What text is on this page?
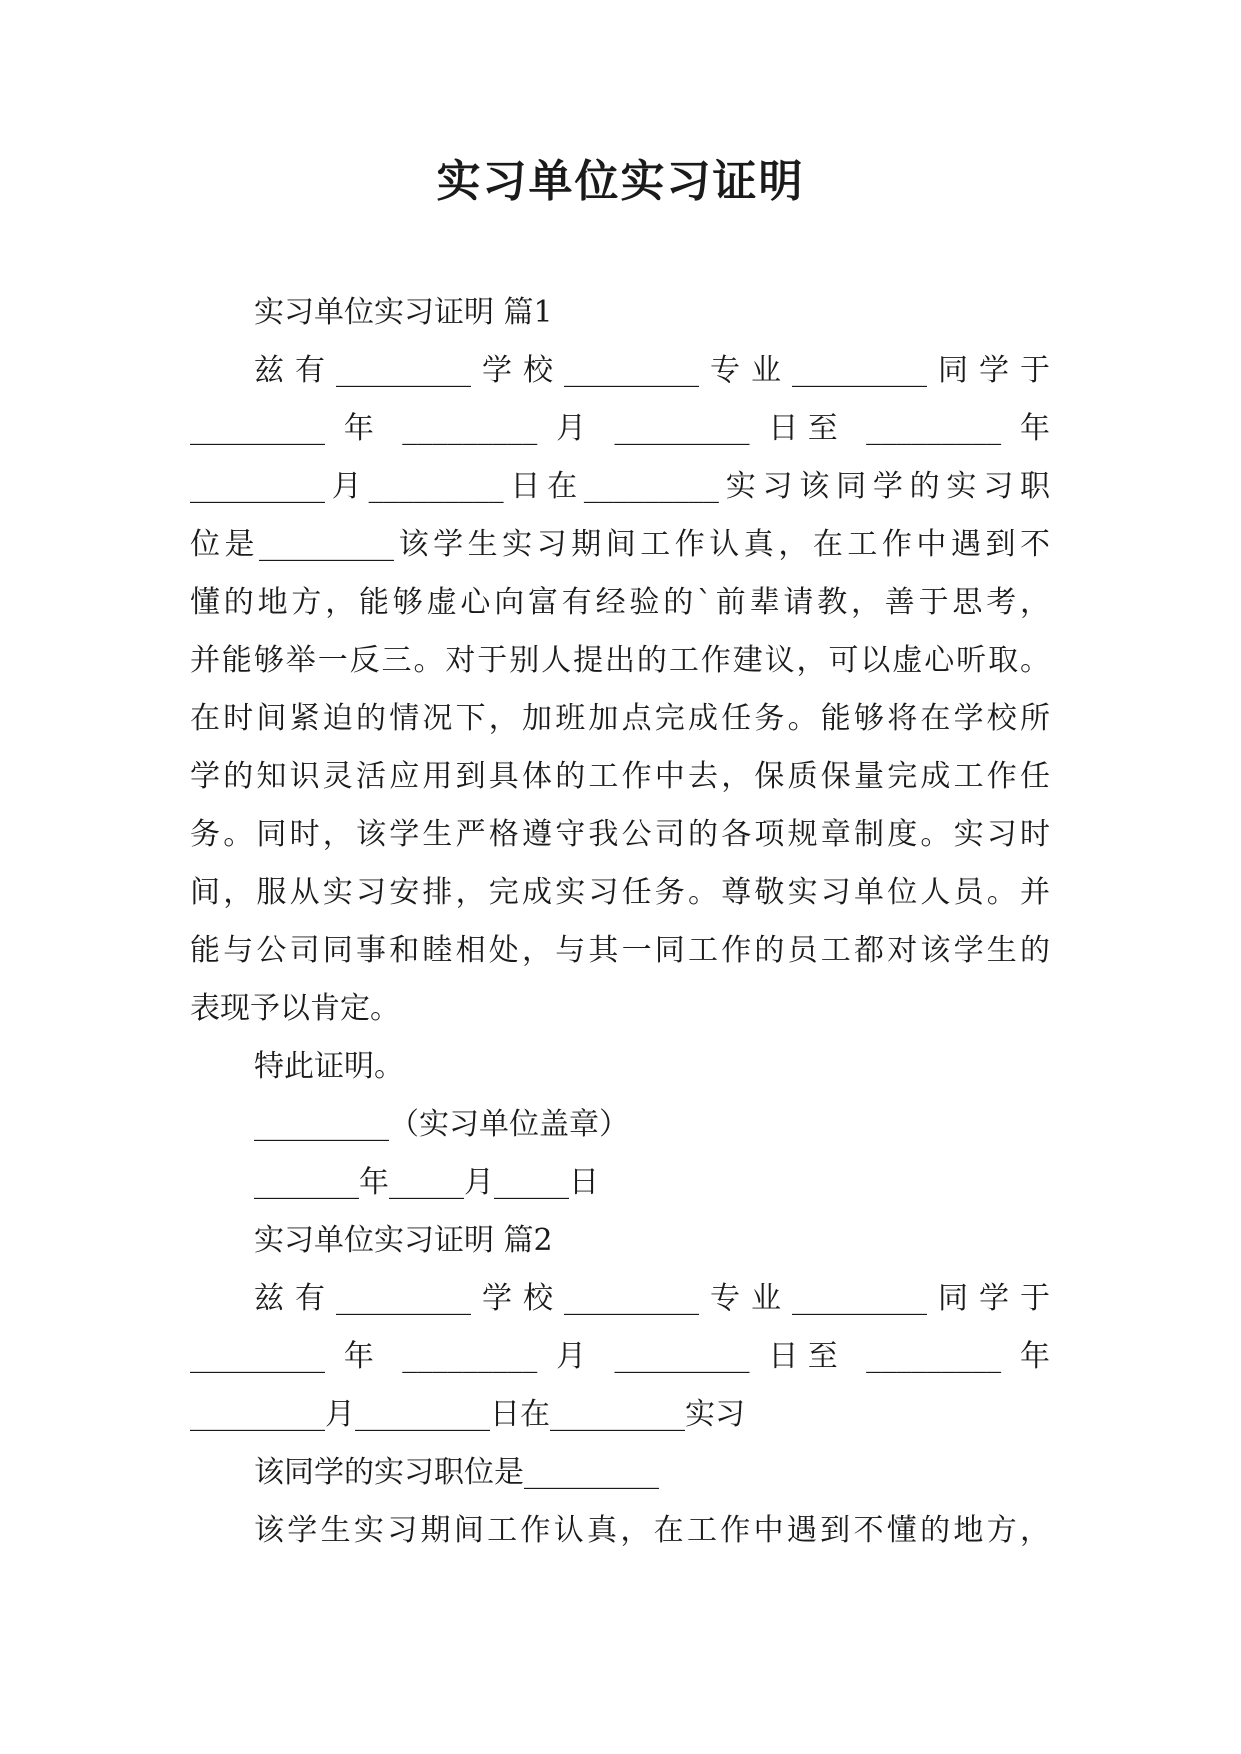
实习单位实习证明
实习单位实习证明 篇1
兹有_________学校_________专业_________同学于
_________ 年 _________ 月 _________ 日至 _________ 年
_________月_________日在_________实习该同学的实习职
位是_________该学生实习期间工作认真，在工作中遇到不
懂的地方，能够虚心向富有经验的`前辈请教，善于思考，
并能够举一反三。对于别人提出的工作建议，可以虚心听取。
在时间紧迫的情况下，加班加点完成任务。能够将在学校所
学的知识灵活应用到具体的工作中去，保质保量完成工作任
务。同时，该学生严格遵守我公司的各项规章制度。实习时
间，服从实习安排，完成实习任务。尊敬实习单位人员。并
能与公司同事和睦相处，与其一同工作的员工都对该学生的
表现予以肯定。
特此证明。
_________（实习单位盖章）
_______年_____月_____日
实习单位实习证明 篇2
兹有_________学校_________专业_________同学于
_________ 年 _________ 月 _________ 日至 _________ 年
_________月_________日在_________实习
该同学的实习职位是_________
该学生实习期间工作认真，在工作中遇到不懂的地方，
